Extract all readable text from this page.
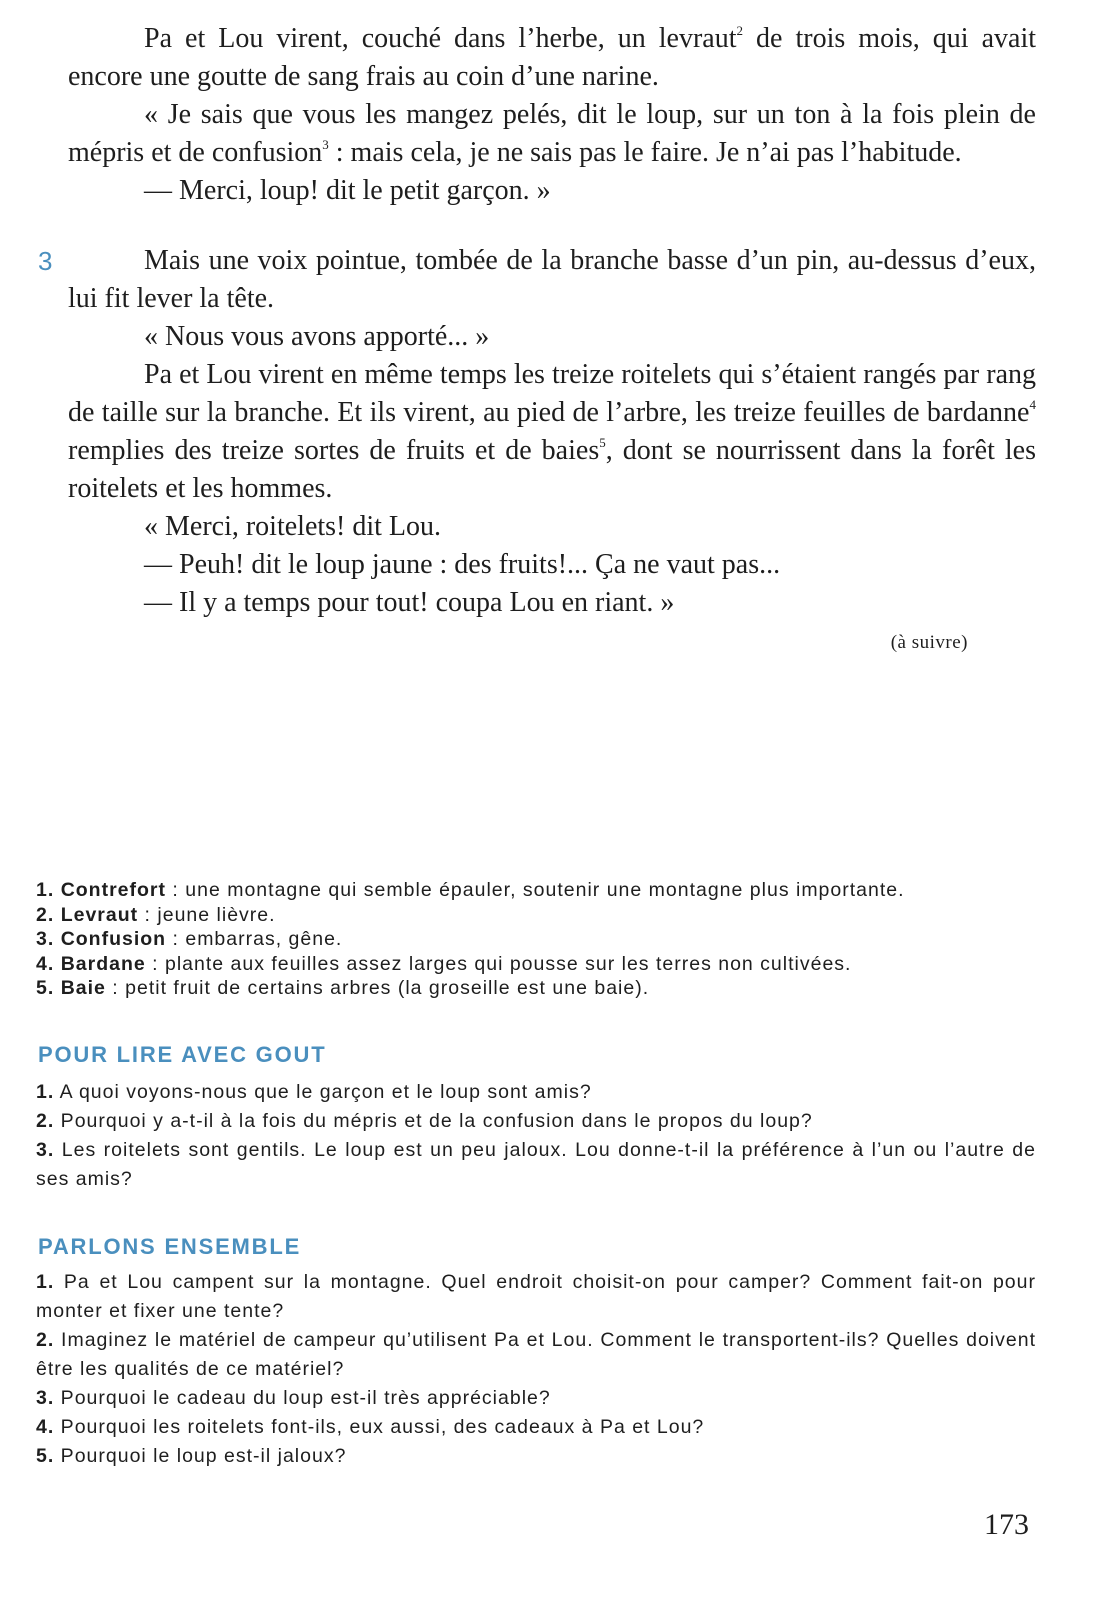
Pa et Lou virent, couché dans l’herbe, un levraut$^2$ de trois mois, qui avait encore une goutte de sang frais au coin d’une narine.

« Je sais que vous les mangez pelés, dit le loup, sur un ton à la fois plein de mépris et de confusion$^3$ : mais cela, je ne sais pas le faire. Je n’ai pas l’habitude.

— Merci, loup! dit le petit garçon. »

3	Mais une voix pointue, tombée de la branche basse d’un pin, au-dessus d’eux, lui fit lever la tête.

« Nous vous avons apporté... »

Pa et Lou virent en même temps les treize roitelets qui s’étaient rangés par rang de taille sur la branche. Et ils virent, au pied de l’arbre, les treize feuilles de bardanne$^4$ remplies des treize sortes de fruits et de baies$^5$, dont se nourrissent dans la forêt les roitelets et les hommes.

« Merci, roitelets! dit Lou.

— Peuh! dit le loup jaune : des fruits!... Ça ne vaut pas...

— Il y a temps pour tout! coupa Lou en riant. »

(à suivre)
1. Contrefort : une montagne qui semble épauler, soutenir une montagne plus importante.
2. Levraut : jeune lièvre.
3. Confusion : embarras, gêne.
4. Bardane : plante aux feuilles assez larges qui pousse sur les terres non cultivées.
5. Baie : petit fruit de certains arbres (la groseille est une baie).
POUR LIRE AVEC GOUT
1. A quoi voyons-nous que le garçon et le loup sont amis?
2. Pourquoi y a-t-il à la fois du mépris et de la confusion dans le propos du loup?
3. Les roitelets sont gentils. Le loup est un peu jaloux. Lou donne-t-il la préférence à l’un ou l’autre de ses amis?
PARLONS ENSEMBLE
1. Pa et Lou campent sur la montagne. Quel endroit choisit-on pour camper? Comment fait-on pour monter et fixer une tente?
2. Imaginez le matériel de campeur qu’utilisent Pa et Lou. Comment le transportent-ils? Quelles doivent être les qualités de ce matériel?
3. Pourquoi le cadeau du loup est-il très appréciable?
4. Pourquoi les roitelets font-ils, eux aussi, des cadeaux à Pa et Lou?
5. Pourquoi le loup est-il jaloux?
173
